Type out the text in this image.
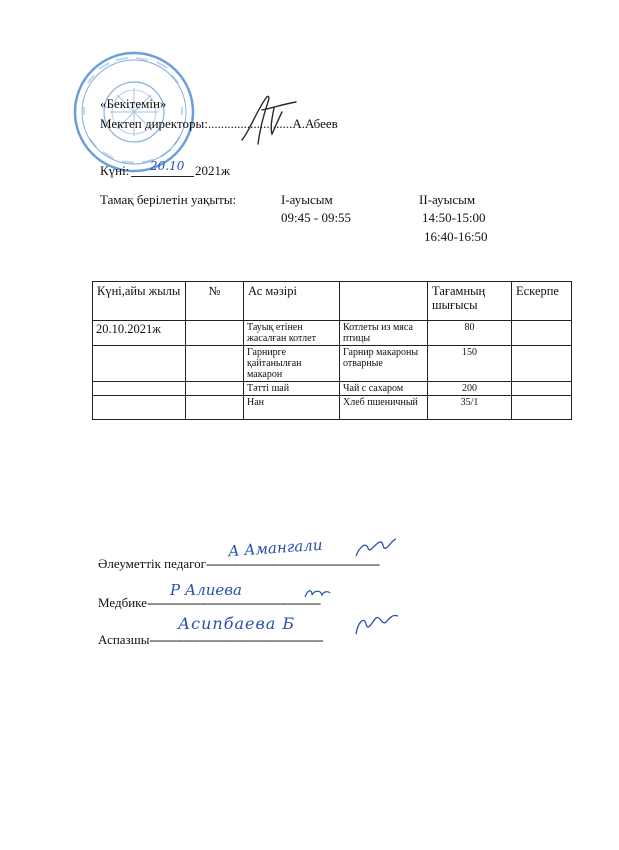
«Бекітемін»
Мектеп директоры:..........................А.Абеев
Күні: 20.10 2021ж
Тамақ берілетін уақыты:	І-ауысым
09:45 - 09:55
ІІ-ауысым
14:50-15:00
16:40-16:50
Күні,айы жылы	№	Ас мәзірі		Тағамның шығысы	Ескерпе
20.10.2021ж		Тауық етінен жасалған котлет	Котлеты из мяса птицы	80	
		Гарнирге қайтанылған макарон	Гарнир макароны отварные	150	
		Тәтті шай	Чай с сахаром	200	
		Нан	Хлеб пшеничный	35/1	
Әлеуметтік педагог----------------------------------------------------
А Амангали
Медбике----------------------------------------------------
Р Алиева
Аспазшы----------------------------------------------------
Асипбаева Б
